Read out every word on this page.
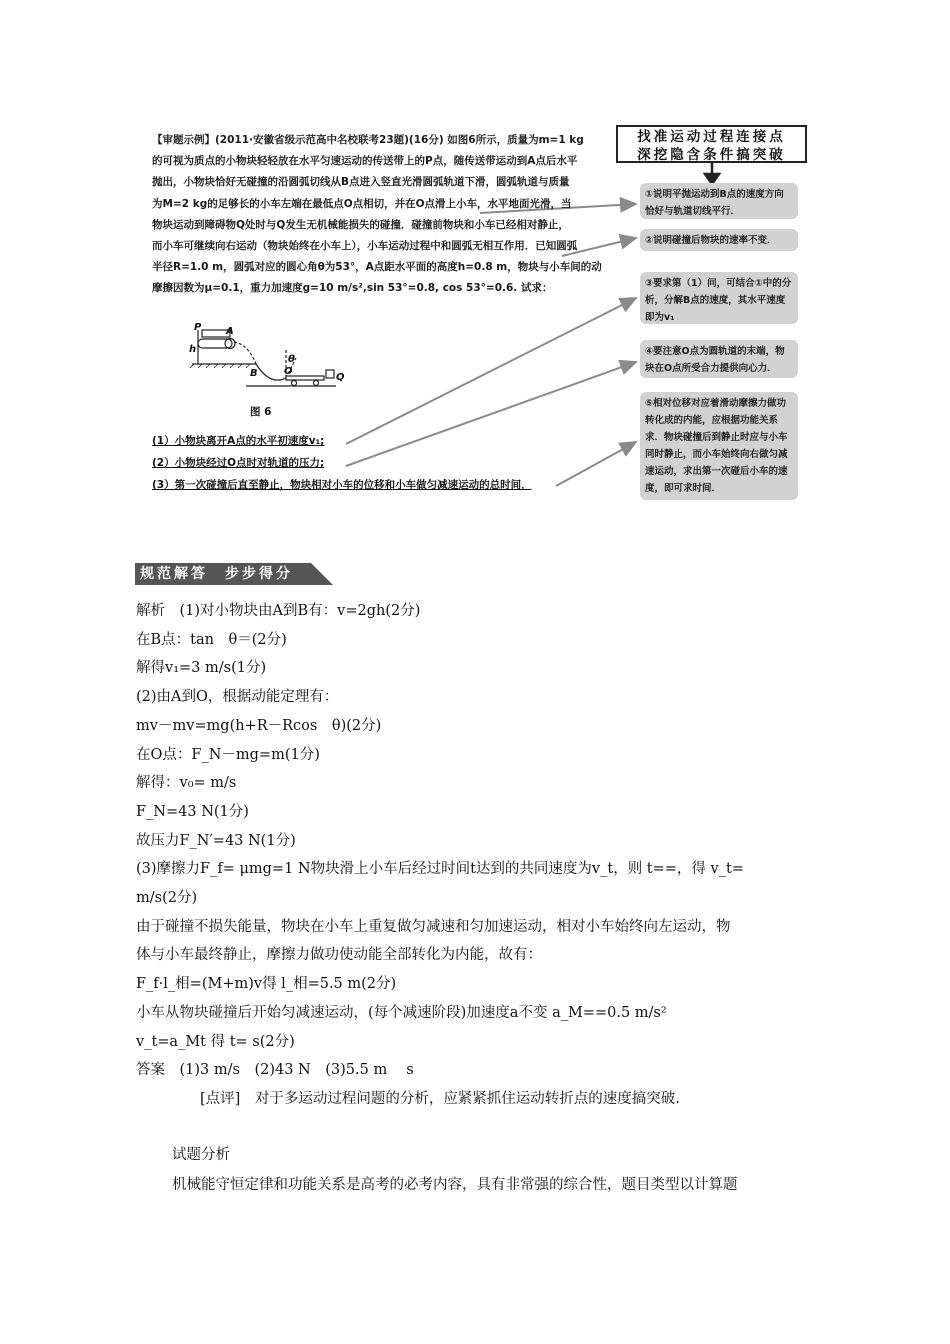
【审题示例】(2011·安徽省级示范高中名校联考23题)(16分) 如图6所示，质量为m=1 kg

的可视为质点的小物块轻轻放在水平匀速运动的传送带上的P点，随传送带运动到A点后水平

抛出，小物块恰好无碰撞的沿圆弧切线从B点进入竖直光滑圆弧轨道下滑，圆弧轨道与质量

为M=2 kg的足够长的小车左端在最低点O点相切，并在O点滑上小车，水平地面光滑，当

物块运动到障碍物Q处时与Q发生无机械能损失的碰撞．碰撞前物块和小车已经相对静止，

而小车可继续向右运动（物块始终在小车上），小车运动过程中和圆弧无相互作用．已知圆弧

半径R=1.0 m，圆弧对应的圆心角θ为53°，A点距水平面的高度h=0.8 m，物块与小车间的动

摩擦因数为μ=0.1，重力加速度g=10 m/s²,sin 53°=0.8, cos 53°=0.6. 试求：

P A
h
B	O
Q
θ
图 6

(1）小物块离开A点的水平初速度v₁;

(2）小物块经过O点时对轨道的压力;

(3）第一次碰撞后直至静止，物块相对小车的位移和小车做匀减速运动的总时间．

找准运动过程连接点
深挖隐含条件搞突破
①说明平抛运动到B点的速度方向恰好与轨道切线平行．
②说明碰撞后物块的速率不变．
③要求第（1）问，可结合①中的分析，分解B点的速度，其水平速度即为v₁
④要注意O点为圆轨道的末端，物块在O点所受合力提供向心力．
⑤相对位移对应着滑动摩擦力做功转化成的内能，应根据功能关系求．物块碰撞后到静止时应与小车同时静止，而小车始终向右做匀减速运动，求出第一次碰后小车的速度，即可求时间．
规范解答　步步得分

解析　(1)对小物块由A到B有：v=2gh(2分)

在B点：tan　θ＝(2分)

解得v₁=3 m/s(1分)

(2)由A到O，根据动能定理有：

mv－mv=mg(h+R－Rcos　θ)(2分)

在O点：F_N－mg=m(1分)

解得：v₀= m/s

F_N=43 N(1分)

故压力F_N′=43 N(1分)

(3)摩擦力F_f= μmg=1 N物块滑上小车后经过时间t达到的共同速度为v_t，则 t==，得 v_t=

m/s(2分)

由于碰撞不损失能量，物块在小车上重复做匀减速和匀加速运动，相对小车始终向左运动，物

体与小车最终静止，摩擦力做功使动能全部转化为内能，故有：

F_f·l_相=(M+m)v得 l_相=5.5 m(2分)

小车从物块碰撞后开始匀减速运动，(每个减速阶段)加速度a不变 a_M==0.5 m/s²

v_t=a_Mt 得 t= s(2分)

答案　(1)3 m/s　(2)43 N　(3)5.5 m　 s

[点评]　对于多运动过程问题的分析，应紧紧抓住运动转折点的速度搞突破.

试题分析

机械能守恒定律和功能关系是高考的必考内容，具有非常强的综合性，题目类型以计算题
